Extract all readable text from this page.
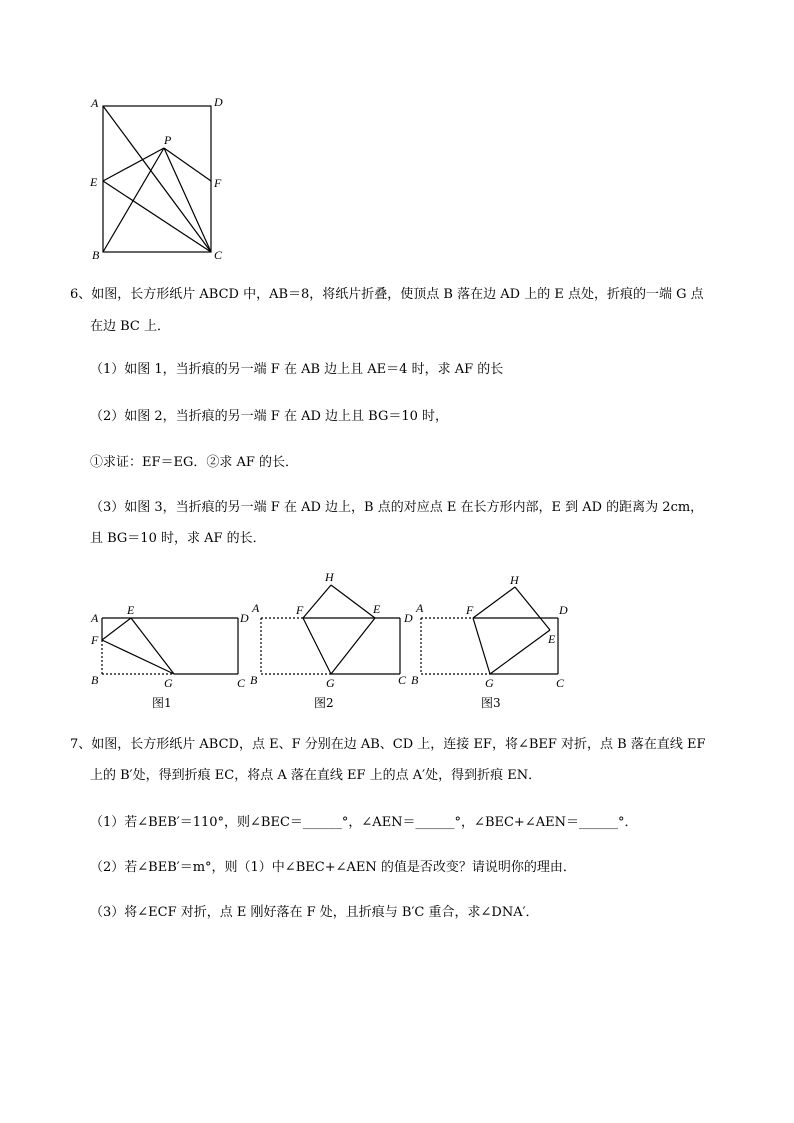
A	D
P
E	F
B	C
6、如图，长方形纸片 ABCD 中，AB＝8，将纸片折叠，使顶点 B 落在边 AD 上的 E 点处，折痕的一端 G 点
在边 BC 上．
（1）如图 1，当折痕的另一端 F 在 AB 边上且 AE＝4 时，求 AF 的长
（2）如图 2，当折痕的另一端 F 在 AD 边上且 BG＝10 时，
①求证：EF＝EG．②求 AF 的长．
（3）如图 3，当折痕的另一端 F 在 AD 边上，B 点的对应点 E 在长方形内部，E 到 AD 的距离为 2cm，
且 BG＝10 时，求 AF 的长．
A
E
D
F
B	G	C
图1
H
A	F	E
D
B	G	C
图2
H
A	F	D
E
B	G	C
图3
7、如图，长方形纸片 ABCD，点 E、F 分别在边 AB、CD 上，连接 EF，将∠BEF 对折，点 B 落在直线 EF
上的 B′处，得到折痕 EC，将点 A 落在直线 EF 上的点 A′处，得到折痕 EN．
（1）若∠BEB′＝110°，则∠BEC＝______°，∠AEN＝______°，∠BEC+∠AEN＝______°．
（2）若∠BEB′＝m°，则（1）中∠BEC+∠AEN 的值是否改变？请说明你的理由．
（3）将∠ECF 对折，点 E 刚好落在 F 处，且折痕与 B′C 重合，求∠DNA′．
